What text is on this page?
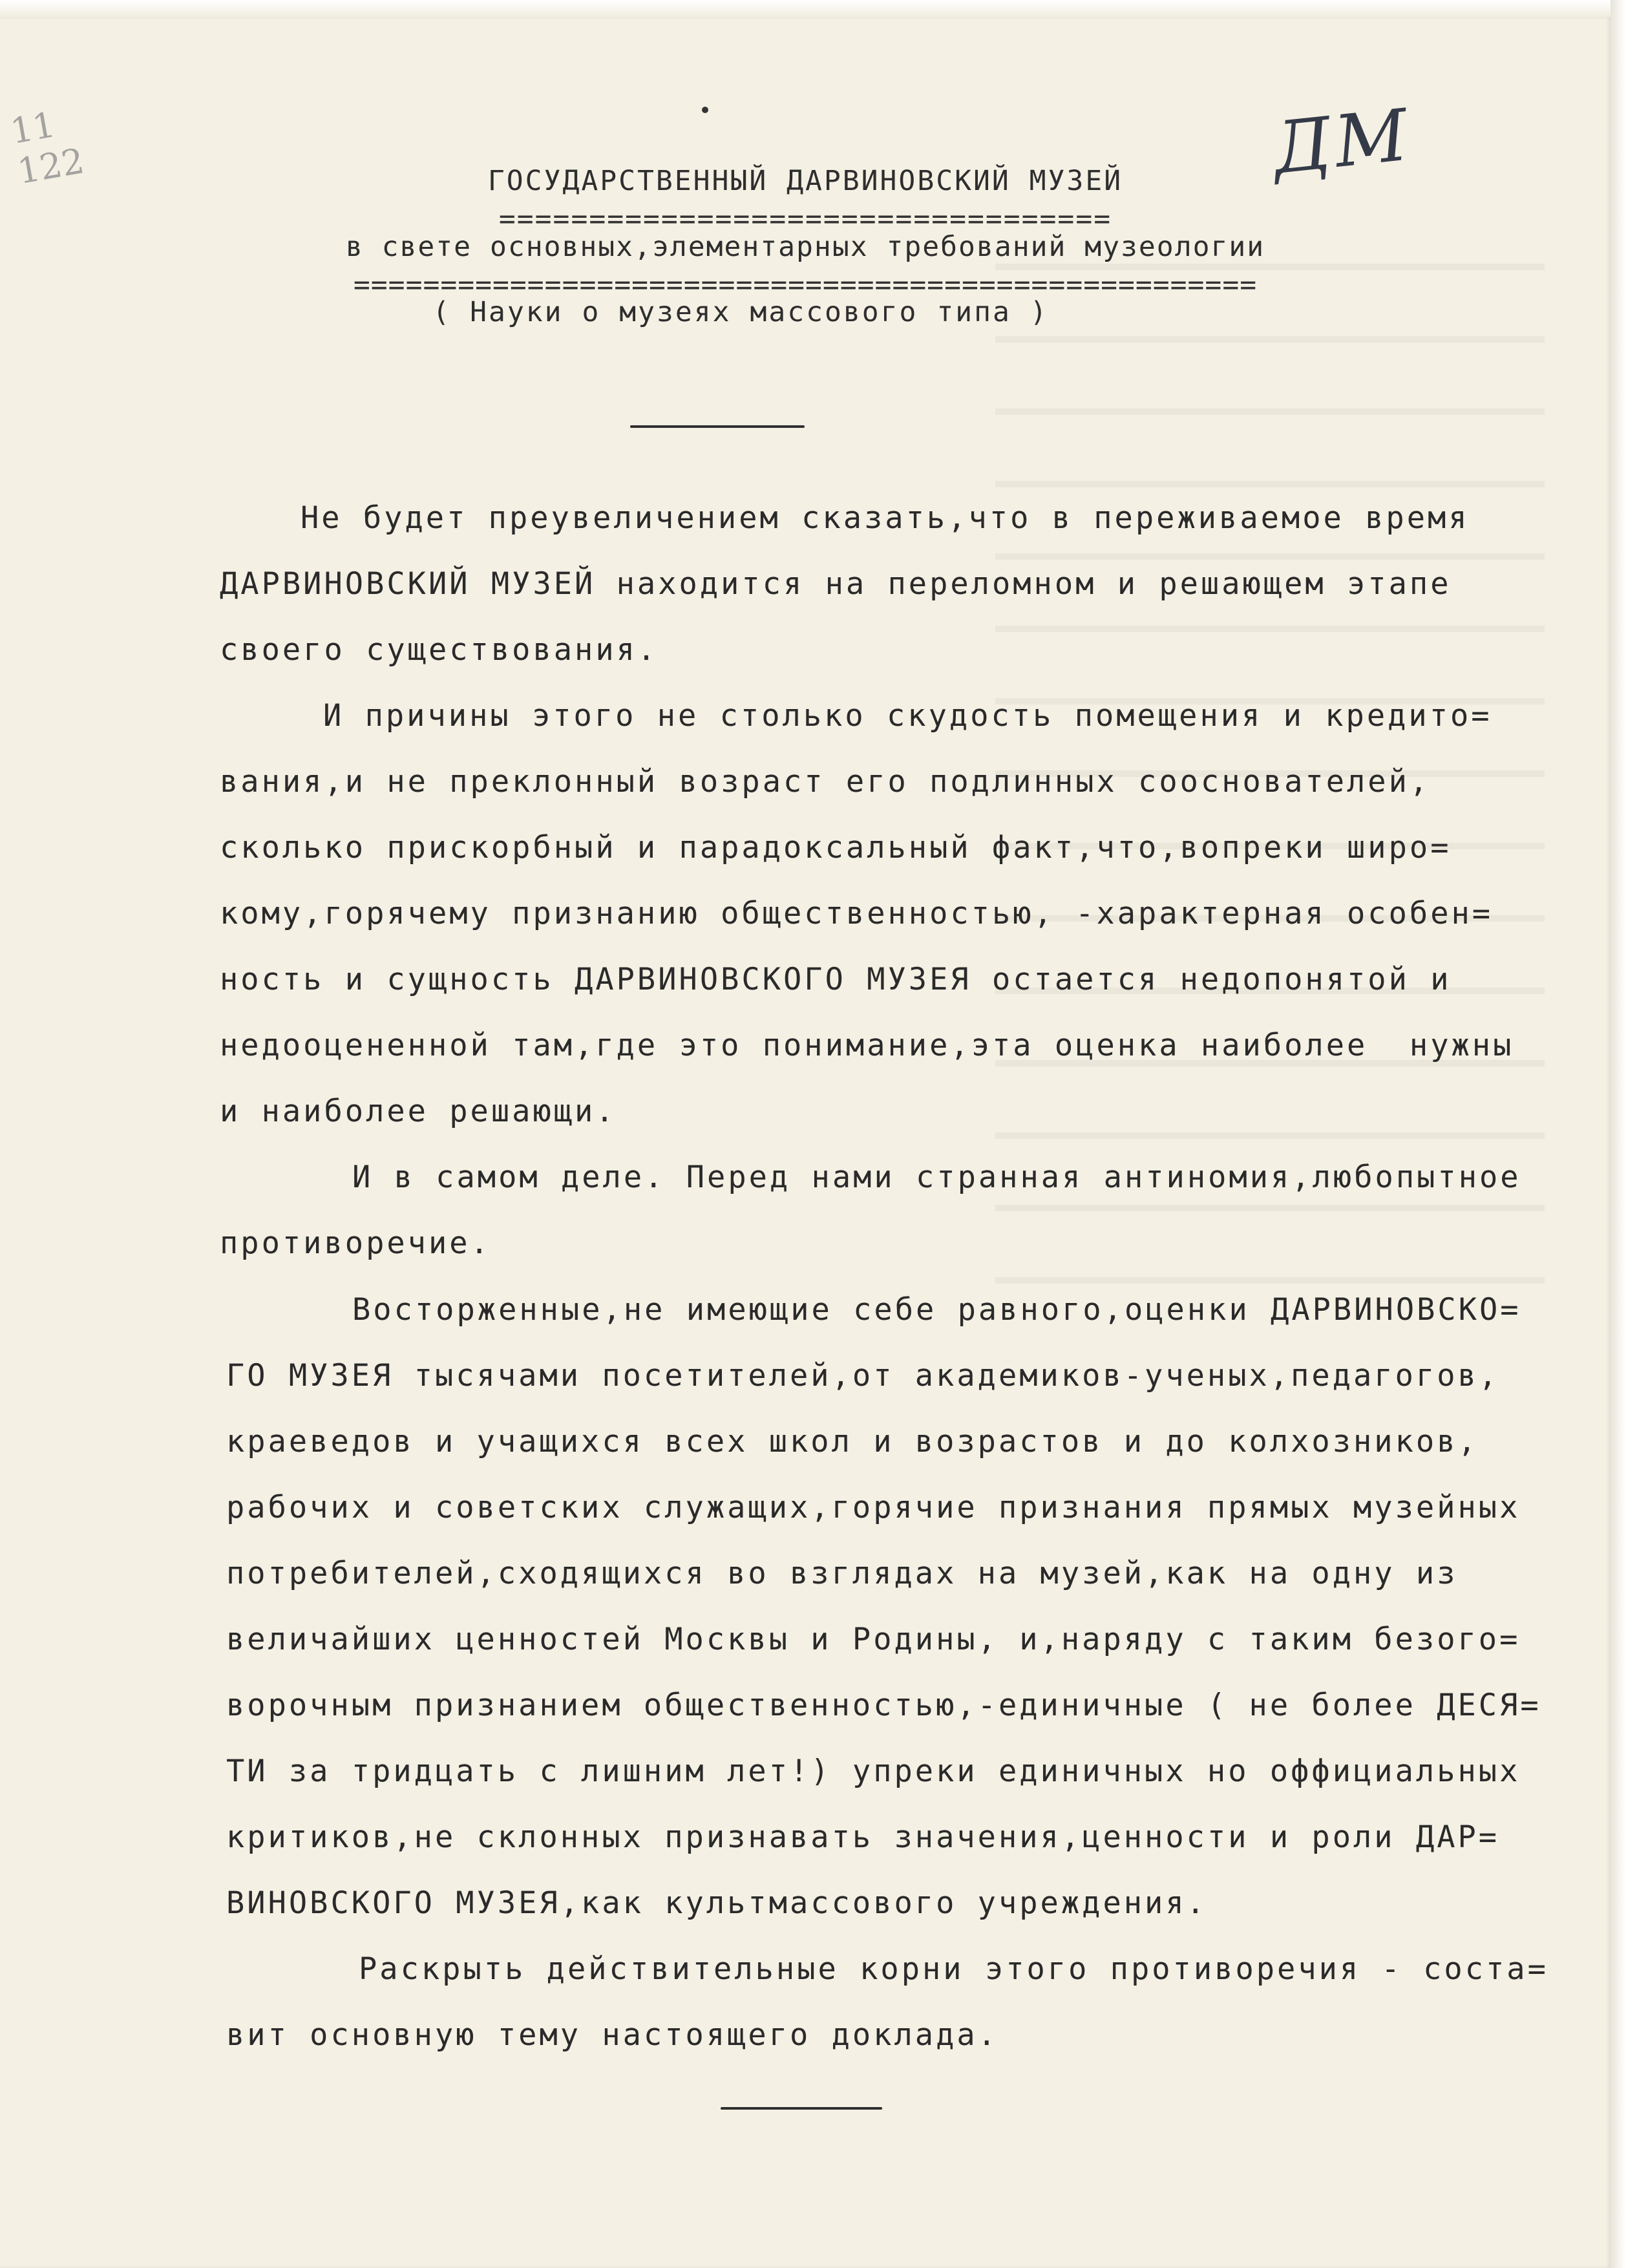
11
122	ДМ
ГОСУДАРСТВЕННЫЙ ДАРВИНОВСКИЙ МУЗЕЙ
==================================
в свете основных,элементарных требований музеологии
====================================================
( Науки о музеях массового типа )
Не будет преувеличением сказать,что в переживаемое время
ДАРВИНОВСКИЙ МУЗЕЙ находится на переломном и решающем этапе
своего существования.
И причины этого не столько скудость помещения и кредито=
вания,и не преклонный возраст его подлинных сооснователей,
сколько прискорбный и парадоксальный факт,что,вопреки широ=
кому,горячему признанию общественностью, -характерная особен=
ность и сущность ДАРВИНОВСКОГО МУЗЕЯ остается недопонятой и
недооцененной там,где это понимание,эта оценка наиболее  нужны
и наиболее решающи.
И в самом деле. Перед нами странная антиномия,любопытное
противоречие.
Восторженные,не имеющие себе равного,оценки ДАРВИНОВСКО=
ГО МУЗЕЯ тысячами посетителей,от академиков-ученых,педагогов,
краеведов и учащихся всех школ и возрастов и до колхозников,
рабочих и советских служащих,горячие признания прямых музейных
потребителей,сходящихся во взглядах на музей,как на одну из
величайших ценностей Москвы и Родины, и,наряду с таким безого=
ворочным признанием общественностью,-единичные ( не более ДЕСЯ=
ТИ за тридцать с лишним лет!) упреки единичных но оффициальных
критиков,не склонных признавать значения,ценности и роли ДАР=
ВИНОВСКОГО МУЗЕЯ,как культмассового учреждения.
Раскрыть действительные корни этого противоречия - соста=
вит основную тему настоящего доклада.
